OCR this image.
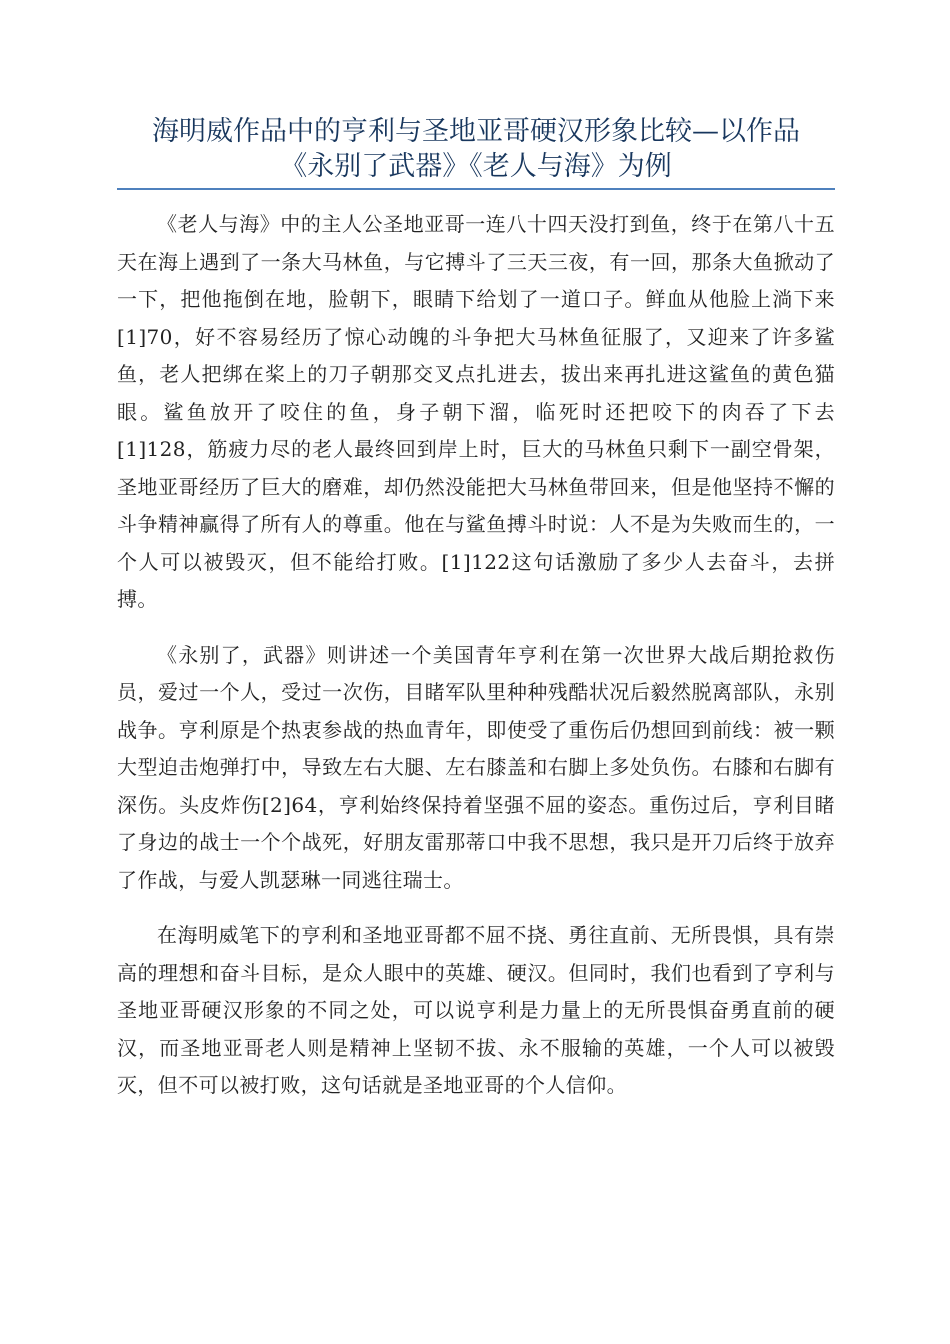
海明威作品中的亨利与圣地亚哥硬汉形象比较—以作品
《永别了武器》《老人与海》为例

《老人与海》中的主人公圣地亚哥一连八十四天没打到鱼，终于在第八十五天在海上遇到了一条大马林鱼，与它搏斗了三天三夜，有一回，那条大鱼掀动了一下，把他拖倒在地，脸朝下，眼睛下给划了一道口子。鲜血从他脸上淌下来[1]70，好不容易经历了惊心动魄的斗争把大马林鱼征服了，又迎来了许多鲨鱼，老人把绑在桨上的刀子朝那交叉点扎进去，拔出来再扎进这鲨鱼的黄色猫眼。鲨鱼放开了咬住的鱼，身子朝下溜，临死时还把咬下的肉吞了下去[1]128，筋疲力尽的老人最终回到岸上时，巨大的马林鱼只剩下一副空骨架，圣地亚哥经历了巨大的磨难，却仍然没能把大马林鱼带回来，但是他坚持不懈的斗争精神赢得了所有人的尊重。他在与鲨鱼搏斗时说：人不是为失败而生的，一个人可以被毁灭，但不能给打败。[1]122这句话激励了多少人去奋斗，去拼搏。

《永别了，武器》则讲述一个美国青年亨利在第一次世界大战后期抢救伤员，爱过一个人，受过一次伤，目睹军队里种种残酷状况后毅然脱离部队，永别战争。亨利原是个热衷参战的热血青年，即使受了重伤后仍想回到前线：被一颗大型迫击炮弹打中，导致左右大腿、左右膝盖和右脚上多处负伤。右膝和右脚有深伤。头皮炸伤[2]64，亨利始终保持着坚强不屈的姿态。重伤过后，亨利目睹了身边的战士一个个战死，好朋友雷那蒂口中我不思想，我只是开刀后终于放弃了作战，与爱人凯瑟琳一同逃往瑞士。

在海明威笔下的亨利和圣地亚哥都不屈不挠、勇往直前、无所畏惧，具有崇高的理想和奋斗目标，是众人眼中的英雄、硬汉。但同时，我们也看到了亨利与圣地亚哥硬汉形象的不同之处，可以说亨利是力量上的无所畏惧奋勇直前的硬汉，而圣地亚哥老人则是精神上坚韧不拔、永不服输的英雄，一个人可以被毁灭，但不可以被打败，这句话就是圣地亚哥的个人信仰。
